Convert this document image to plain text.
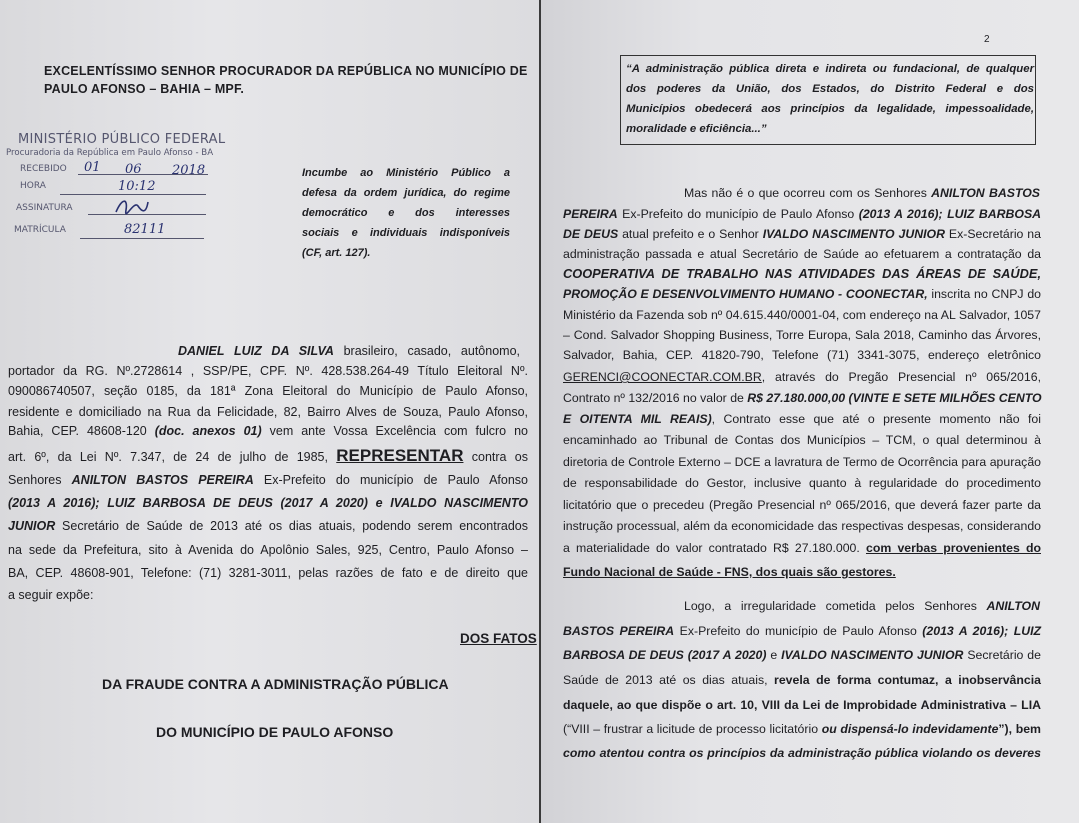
EXCELENTÍSSIMO SENHOR PROCURADOR DA REPÚBLICA NO MUNICÍPIO DE

PAULO AFONSO – BAHIA – MPF.

MINISTÉRIO PÚBLICO FEDERAL

Procuradoria da República em Paulo Afonso - BA

RECEBIDO

HORA

ASSINATURA

MATRÍCULA

01 06 2018
10:12
82111

Incumbe ao Ministério Público a

defesa da ordem jurídica, do regime

democrático e dos interesses

sociais e individuais indisponíveis

(CF, art. 127).

DANIEL LUIZ DA SILVA brasileiro, casado, autônomo,

portador da RG. Nº.2728614 , SSP/PE, CPF. Nº. 428.538.264-49 Título Eleitoral Nº.

090086740507, seção 0185, da 181ª Zona Eleitoral do Município de Paulo Afonso,

residente e domiciliado na Rua da Felicidade, 82, Bairro Alves de Souza, Paulo Afonso,

Bahia, CEP. 48608-120 (doc. anexos 01) vem ante Vossa Excelência com fulcro no

art. 6º, da Lei Nº. 7.347, de 24 de julho de 1985, REPRESENTAR contra os

Senhores ANILTON BASTOS PEREIRA Ex-Prefeito do município de Paulo Afonso

(2013 A 2016); LUIZ BARBOSA DE DEUS (2017 A 2020) e IVALDO NASCIMENTO

JUNIOR Secretário de Saúde de 2013 até os dias atuais, podendo serem encontrados

na sede da Prefeitura, sito à Avenida do Apolônio Sales, 925, Centro, Paulo Afonso –

BA, CEP. 48608-901, Telefone: (71) 3281-3011, pelas razões de fato e de direito que

a seguir expõe:

DOS FATOS

DA FRAUDE CONTRA A ADMINISTRAÇÃO PÚBLICA

DO MUNICÍPIO DE PAULO AFONSO

2

“A administração pública direta e indireta ou fundacional, de qualquer

dos poderes da União, dos Estados, do Distrito Federal e dos

Municípios obedecerá aos princípios da legalidade, impessoalidade,

moralidade e eficiência...”

Mas não é o que ocorreu com os Senhores ANILTON BASTOS

PEREIRA Ex-Prefeito do município de Paulo Afonso (2013 A 2016); LUIZ BARBOSA

DE DEUS atual prefeito e o Senhor IVALDO NASCIMENTO JUNIOR Ex-Secretário na

administração passada e atual Secretário de Saúde ao efetuarem a contratação da

COOPERATIVA DE TRABALHO NAS ATIVIDADES DAS ÁREAS DE SAÚDE,

PROMOÇÃO E DESENVOLVIMENTO HUMANO - COONECTAR, inscrita no CNPJ do

Ministério da Fazenda sob nº 04.615.440/0001-04, com endereço na AL Salvador, 1057

– Cond. Salvador Shopping Business, Torre Europa, Sala 2018, Caminho das Árvores,

Salvador, Bahia, CEP. 41820-790, Telefone (71) 3341-3075, endereço eletrônico

GERENCI@COONECTAR.COM.BR, através do Pregão Presencial nº 065/2016,

Contrato nº 132/2016 no valor de R$ 27.180.000,00 (VINTE E SETE MILHÕES CENTO

E OITENTA MIL REAIS), Contrato esse que até o presente momento não foi

encaminhado ao Tribunal de Contas dos Municípios – TCM, o qual determinou à

diretoria de Controle Externo – DCE a lavratura de Termo de Ocorrência para apuração

de responsabilidade do Gestor, inclusive quanto à regularidade do procedimento

licitatório que o precedeu (Pregão Presencial nº 065/2016, que deverá fazer parte da

instrução processual, além da economicidade das respectivas despesas, considerando

a materialidade do valor contratado R$ 27.180.000. com verbas provenientes do

Fundo Nacional de Saúde - FNS, dos quais são gestores.

Logo, a irregularidade cometida pelos Senhores ANILTON

BASTOS PEREIRA Ex-Prefeito do município de Paulo Afonso (2013 A 2016); LUIZ

BARBOSA DE DEUS (2017 A 2020) e IVALDO NASCIMENTO JUNIOR Secretário de

Saúde de 2013 até os dias atuais, revela de forma contumaz, a inobservância

daquele, ao que dispõe o art. 10, VIII da Lei de Improbidade Administrativa – LIA

(“VIII – frustrar a licitude de processo licitatório ou dispensá-lo indevidamente”), bem

como atentou contra os princípios da administração pública violando os deveres
